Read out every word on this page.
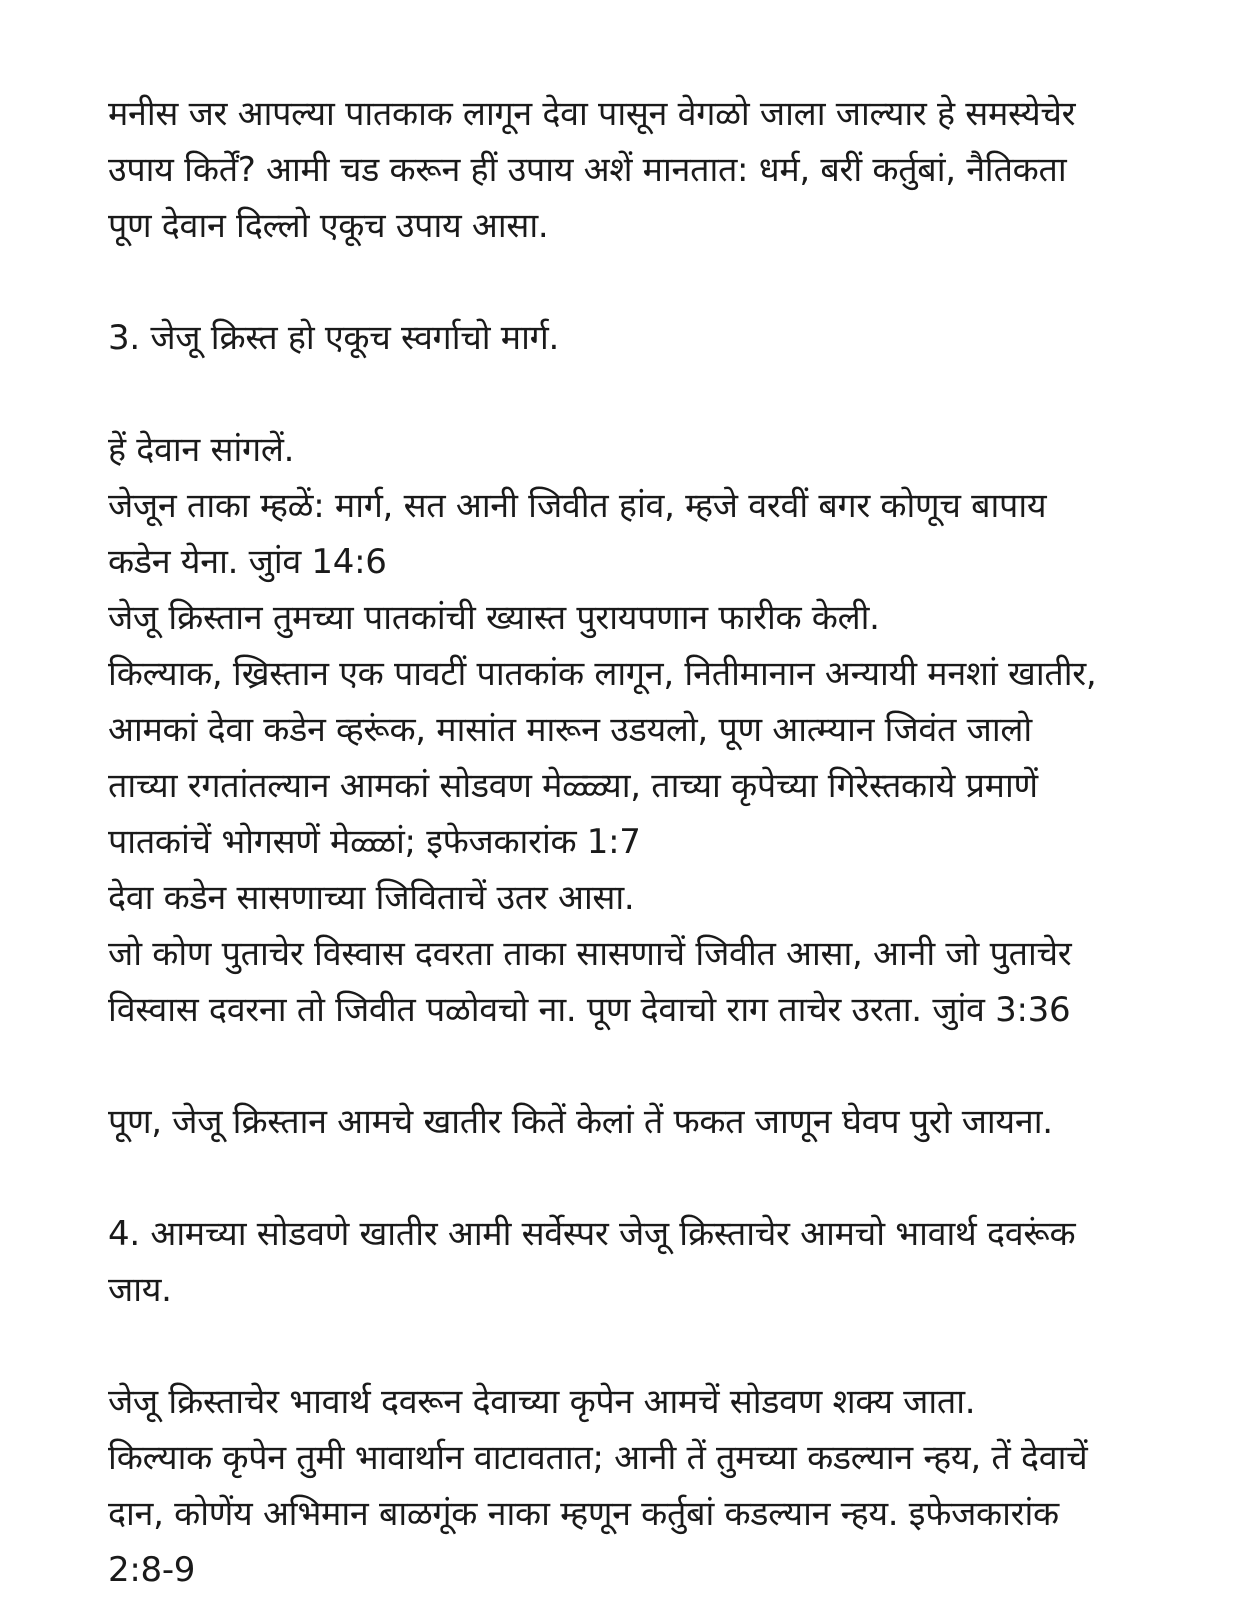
मनीस जर आपल्या पातकाक लागून देवा पासून वेगळो जाला जाल्यार हे समस्येचेर
उपाय किर्तें? आमी चड करून हीं उपाय अशें मानतात: धर्म, बरीं कर्तुबां, नैतिकता
पूण देवान दिल्लो एकूच उपाय आसा.
3. जेजू क्रिस्त हो एकूच स्वर्गाचो मार्ग.
हें देवान सांगलें.
जेजून ताका म्हळें: मार्ग, सत आनी जिवीत हांव, म्हजे वरवीं बगर कोणूच बापाय
कडेन येना. जुांव 14:6
जेजू क्रिस्तान तुमच्या पातकांची ख्यास्त पुरायपणान फारीक केली.
किल्याक, ख्रिस्तान एक पावटीं पातकांक लागून, नितीमानान अन्यायी मनशां खातीर,
आमकां देवा कडेन व्हरूंक, मासांत मारून उडयलो, पूण आत्म्यान जिवंत जालो
ताच्या रगतांतल्यान आमकां सोडवण मेळ्ळ्या, ताच्या कृपेच्या गिरेस्तकाये प्रमाणें
पातकांचें भोगसणें मेळ्ळां; इफेजकारांक 1:7
देवा कडेन सासणाच्या जिविताचें उतर आसा.
जो कोण पुताचेर विस्वास दवरता ताका सासणाचें जिवीत आसा, आनी जो पुताचेर
विस्वास दवरना तो जिवीत पळोवचो ना. पूण देवाचो राग ताचेर उरता. जुांव 3:36
पूण, जेजू क्रिस्तान आमचे खातीर कितें केलां तें फकत जाणून घेवप पुरो जायना.
4. आमच्या सोडवणे खातीर आमी सर्वेस्पर जेजू क्रिस्ताचेर आमचो भावार्थ दवरूंक
जाय.
जेजू क्रिस्ताचेर भावार्थ दवरून देवाच्या कृपेन आमचें सोडवण शक्य जाता.
किल्याक कृपेन तुमी भावार्थान वाटावतात; आनी तें तुमच्या कडल्यान न्हय, तें देवाचें
दान, कोणेंय अभिमान बाळगूंक नाका म्हणून कर्तुबां कडल्यान न्हय. इफेजकारांक
2:8-9
